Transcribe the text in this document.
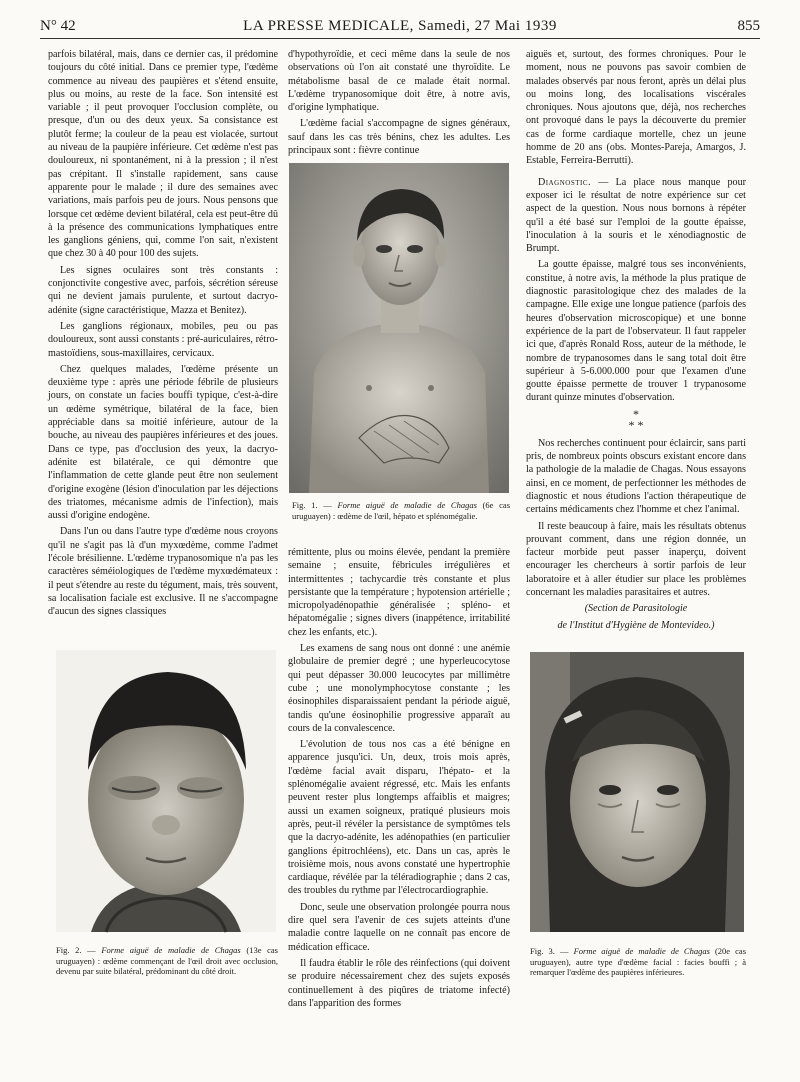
N° 42	LA PRESSE MEDICALE, Samedi, 27 Mai 1939	855

parfois bilatéral, mais, dans ce dernier cas, il prédomine toujours du côté initial. Dans ce premier type, l'œdème commence au niveau des paupières et s'étend ensuite, plus ou moins, au reste de la face. Son intensité est variable ; il peut provoquer l'occlusion complète, ou presque, d'un ou des deux yeux. Sa consistance est plutôt ferme; la couleur de la peau est violacée, surtout au niveau de la paupière inférieure. Cet œdème n'est pas douloureux, ni spontanément, ni à la pression ; il n'est pas crépitant. Il s'installe rapidement, sans cause apparente pour le malade ; il dure des semaines avec variations, mais parfois peu de jours. Nous pensons que lorsque cet œdème devient bilatéral, cela est peut-être dû à la présence des communications lymphatiques entre les ganglions géniens, qui, comme l'on sait, n'existent que chez 30 à 40 pour 100 des sujets.

Les signes oculaires sont très constants : conjonctivite congestive avec, parfois, sécrétion séreuse qui ne devient jamais purulente, et surtout dacryo-adénite (signe caractéristique, Mazza et Benitez).

Les ganglions régionaux, mobiles, peu ou pas douloureux, sont aussi constants : pré-auriculaires, rétro-mastoïdiens, sous-maxillaires, cervicaux.

Chez quelques malades, l'œdème présente un deuxième type : après une période fébrile de plusieurs jours, on constate un facies bouffi typique, c'est-à-dire un œdème symétrique, bilatéral de la face, bien appréciable dans sa moitié inférieure, autour de la bouche, au niveau des paupières inférieures et des joues. Dans ce type, pas d'occlusion des yeux, la dacryo-adénite est bilatérale, ce qui démontre que l'inflammation de cette glande peut être non seulement d'origine exogène (lésion d'inoculation par les déjections des triatomes, mécanisme admis de l'infection), mais aussi d'origine endogène.

Dans l'un ou dans l'autre type d'œdème nous croyons qu'il ne s'agit pas là d'un myxœdème, comme l'admet l'école brésilienne. L'œdème trypanosomique n'a pas les caractères séméiologiques de l'œdème myxœdémateux : il peut s'étendre au reste du tégument, mais, très souvent, sa localisation faciale est exclusive. Il ne s'accompagne d'aucun des signes classiques

d'hypothyroïdie, et ceci même dans la seule de nos observations où l'on ait constaté une thyroïdite. Le métabolisme basal de ce malade était normal. L'œdème trypanosomique doit être, à notre avis, d'origine lymphatique.

L'œdème facial s'accompagne de signes généraux, sauf dans les cas très bénins, chez les adultes. Les principaux sont : fièvre continue

Fig. 1. — Forme aiguë de maladie de Chagas (6e cas uruguayen) : œdème de l'œil, hépato et splénomégalie.

rémittente, plus ou moins élevée, pendant la première semaine ; ensuite, fébricules irrégulières et intermittentes ; tachycardie très constante et plus persistante que la température ; hypotension artérielle ; micropolyadénopathie généralisée ; spléno- et hépatomégalie ; signes divers (inappétence, irritabilité chez les enfants, etc.).

Les examens de sang nous ont donné : une anémie globulaire de premier degré ; une hyperleucocytose qui peut dépasser 30.000 leucocytes par millimètre cube ; une monolymphocytose constante ; les éosinophiles disparaissaient pendant la période aiguë, tandis qu'une éosinophilie progressive apparaît au cours de la convalescence.

L'évolution de tous nos cas a été bénigne en apparence jusqu'ici. Un, deux, trois mois après, l'œdème facial avait disparu, l'hépato- et la splénomégalie avaient régressé, etc. Mais les enfants peuvent rester plus longtemps affaiblis et maigres; aussi un examen soigneux, pratiqué plusieurs mois après, peut-il révéler la persistance de symptômes tels que la dacryo-adénite, les adénopathies (en particulier ganglions épitrochléens), etc. Dans un cas, après le troisième mois, nous avons constaté une hypertrophie cardiaque, révélée par la téléradiographie ; dans 2 cas, des troubles du rythme par l'électrocardiographie.

Donc, seule une observation prolongée pourra nous dire quel sera l'avenir de ces sujets atteints d'une maladie contre laquelle on ne connaît pas encore de médication efficace.

Il faudra établir le rôle des réinfections (qui doivent se produire nécessairement chez des sujets exposés continuellement à des piqûres de triatome infecté) dans l'apparition des formes

Fig. 2. — Forme aiguë de maladie de Chagas (13e cas uruguayen) : œdème commençant de l'œil droit avec occlusion, devenu par suite bilatéral, prédominant du côté droit.

aiguës et, surtout, des formes chroniques. Pour le moment, nous ne pouvons pas savoir combien de malades observés par nous feront, après un délai plus ou moins long, des localisations viscérales chroniques. Nous ajoutons que, déjà, nos recherches ont provoqué dans le pays la découverte du premier cas de forme cardiaque mortelle, chez un jeune homme de 20 ans (obs. Montes-Pareja, Amargos, J. Estable, Ferreira-Berrutti).

Diagnostic. — La place nous manque pour exposer ici le résultat de notre expérience sur cet aspect de la question. Nous nous bornons à répéter qu'il a été basé sur l'emploi de la goutte épaisse, l'inoculation à la souris et le xénodiagnostic de Brumpt.

La goutte épaisse, malgré tous ses inconvénients, constitue, à notre avis, la méthode la plus pratique de diagnostic parasitologique chez des malades de la campagne. Elle exige une longue patience (parfois des heures d'observation microscopique) et une bonne expérience de la part de l'observateur. Il faut rappeler ici que, d'après Ronald Ross, auteur de la méthode, le nombre de trypanosomes dans le sang total doit être supérieur à 5-6.000.000 pour que l'examen d'une goutte épaisse permette de trouver 1 trypanosome durant quinze minutes d'observation.

*
* *

Nos recherches continuent pour éclaircir, sans parti pris, de nombreux points obscurs existant encore dans la pathologie de la maladie de Chagas. Nous essayons ainsi, en ce moment, de perfectionner les méthodes de diagnostic et nous étudions l'action thérapeutique de certains médicaments chez l'homme et chez l'animal.

Il reste beaucoup à faire, mais les résultats obtenus prouvant comment, dans une région donnée, un facteur morbide peut passer inaperçu, doivent encourager les chercheurs à sortir parfois de leur laboratoire et à aller étudier sur place les problèmes concernant les maladies parasitaires et autres.

(Section de Parasitologie

de l'Institut d'Hygiène de Montevideo.)

Fig. 3. — Forme aiguë de maladie de Chagas (20e cas uruguayen), autre type d'œdème facial : facies bouffi ; à remarquer l'œdème des paupières inférieures.
